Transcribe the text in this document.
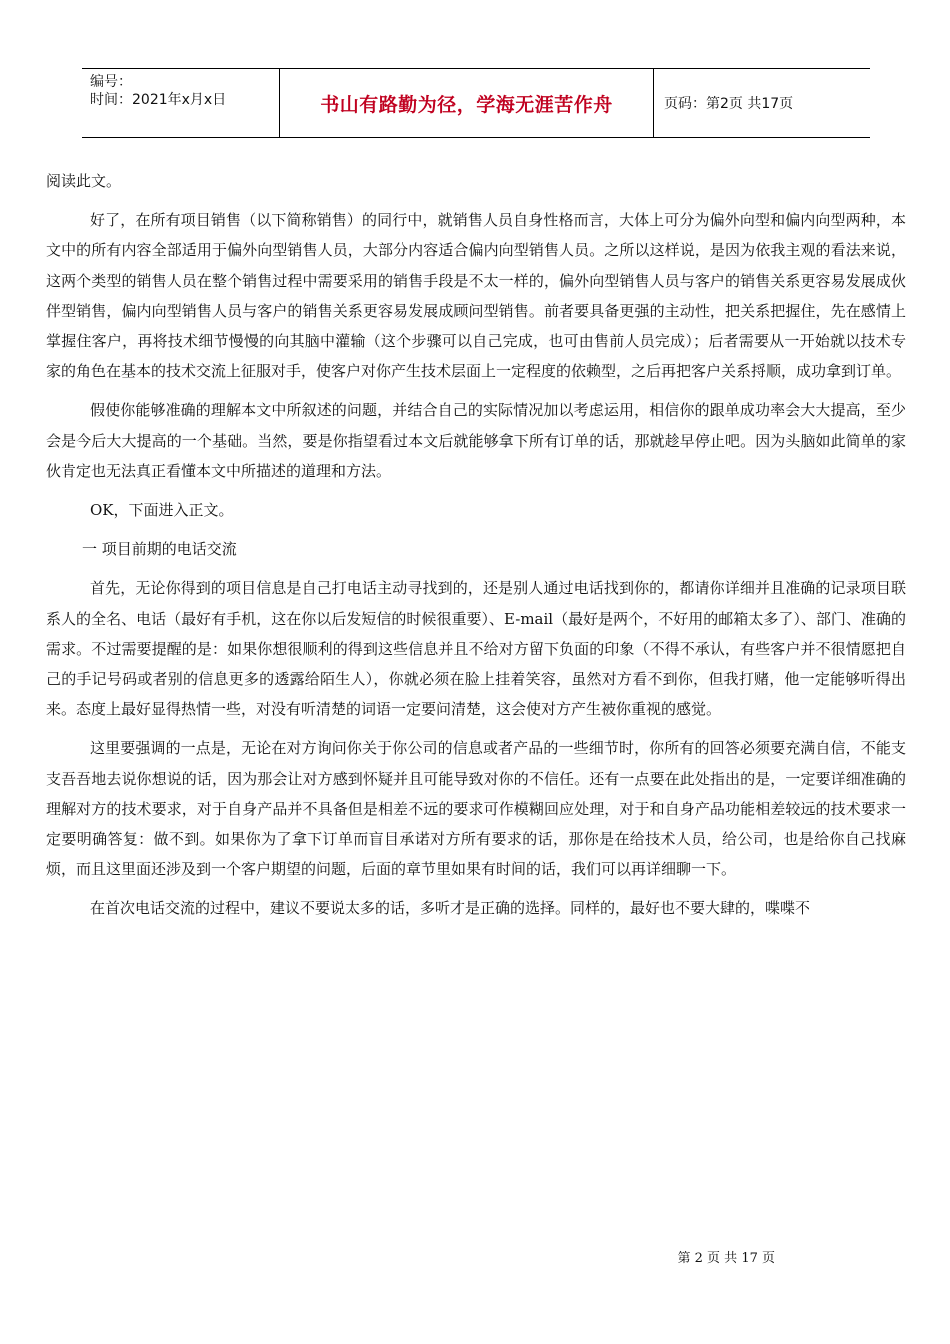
编号：
时间：2021年x月x日	书山有路勤为径，学海无涯苦作舟	页码：第2页 共17页

阅读此文。

好了，在所有项目销售（以下简称销售）的同行中，就销售人员自身性格而言，大体上可分为偏外向型和偏内向型两种，本文中的所有内容全部适用于偏外向型销售人员，大部分内容适合偏内向型销售人员。之所以这样说，是因为依我主观的看法来说，这两个类型的销售人员在整个销售过程中需要采用的销售手段是不太一样的，偏外向型销售人员与客户的销售关系更容易发展成伙伴型销售，偏内向型销售人员与客户的销售关系更容易发展成顾问型销售。前者要具备更强的主动性，把关系把握住，先在感情上掌握住客户，再将技术细节慢慢的向其脑中灌输（这个步骤可以自己完成，也可由售前人员完成）；后者需要从一开始就以技术专家的角色在基本的技术交流上征服对手，使客户对你产生技术层面上一定程度的依赖型，之后再把客户关系捋顺，成功拿到订单。

假使你能够准确的理解本文中所叙述的问题，并结合自己的实际情况加以考虑运用，相信你的跟单成功率会大大提高，至少会是今后大大提高的一个基础。当然，要是你指望看过本文后就能够拿下所有订单的话，那就趁早停止吧。因为头脑如此简单的家伙肯定也无法真正看懂本文中所描述的道理和方法。

OK，下面进入正文。

一 项目前期的电话交流

首先，无论你得到的项目信息是自己打电话主动寻找到的，还是别人通过电话找到你的，都请你详细并且准确的记录项目联系人的全名、电话（最好有手机，这在你以后发短信的时候很重要）、E-mail（最好是两个，不好用的邮箱太多了）、部门、准确的需求。不过需要提醒的是：如果你想很顺利的得到这些信息并且不给对方留下负面的印象（不得不承认，有些客户并不很情愿把自己的手记号码或者别的信息更多的透露给陌生人），你就必须在脸上挂着笑容，虽然对方看不到你，但我打赌，他一定能够听得出来。态度上最好显得热情一些，对没有听清楚的词语一定要问清楚，这会使对方产生被你重视的感觉。

这里要强调的一点是，无论在对方询问你关于你公司的信息或者产品的一些细节时，你所有的回答必须要充满自信，不能支支吾吾地去说你想说的话，因为那会让对方感到怀疑并且可能导致对你的不信任。还有一点要在此处指出的是，一定要详细准确的理解对方的技术要求，对于自身产品并不具备但是相差不远的要求可作模糊回应处理，对于和自身产品功能相差较远的技术要求一定要明确答复：做不到。如果你为了拿下订单而盲目承诺对方所有要求的话，那你是在给技术人员，给公司，也是给你自己找麻烦，而且这里面还涉及到一个客户期望的问题，后面的章节里如果有时间的话，我们可以再详细聊一下。

在首次电话交流的过程中，建议不要说太多的话，多听才是正确的选择。同样的，最好也不要大肆的，喋喋不

第 2 页 共 17 页
